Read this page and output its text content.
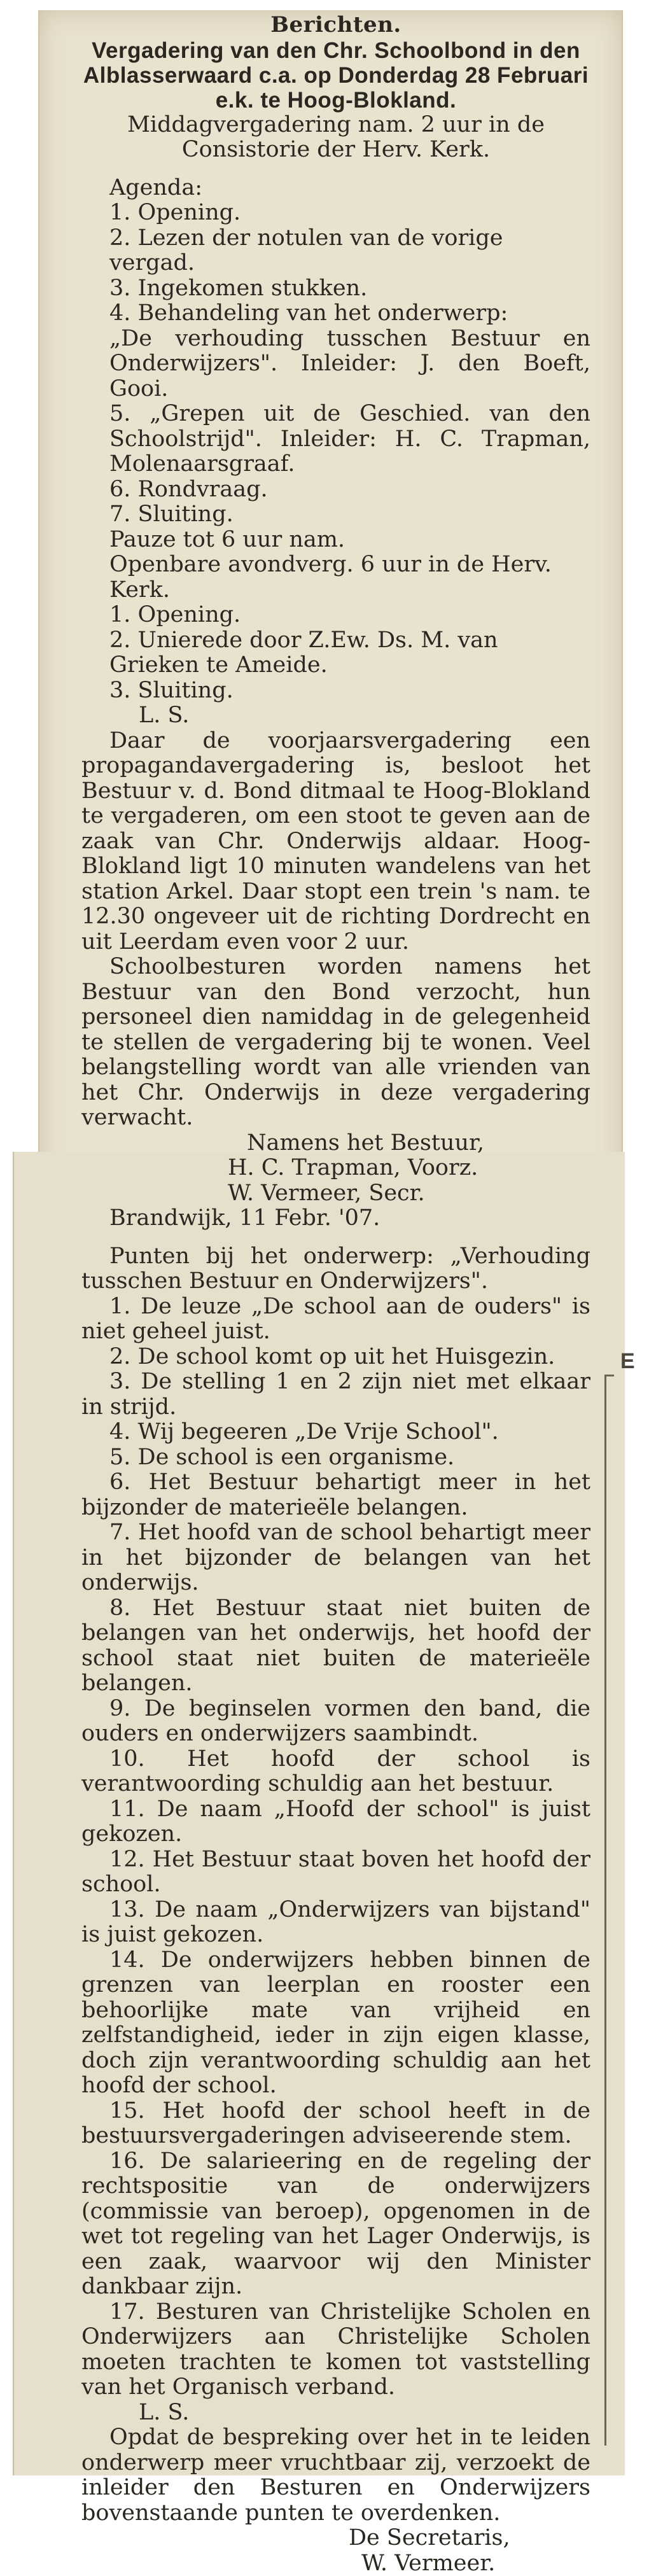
E

Berichten.

Vergadering van den Chr. Schoolbond in den Alblasserwaard c.a. op Donderdag 28 Februari e.k. te Hoog-Blokland.

Middagvergadering nam. 2 uur in de Consistorie der Herv. Kerk.

Agenda:

1. Opening.

2. Lezen der notulen van de vorige vergad.

3. Ingekomen stukken.

4. Behandeling van het onderwerp:

„De verhouding tusschen Bestuur en Onderwijzers". Inleider: J. den Boeft, Gooi.

5. „Grepen uit de Geschied. van den Schoolstrijd". Inleider: H. C. Trapman, Molenaarsgraaf.

6. Rondvraag.

7. Sluiting.

Pauze tot 6 uur nam.

Openbare avondverg. 6 uur in de Herv. Kerk.

1. Opening.

2. Unierede door Z.Ew. Ds. M. van Grieken te Ameide.

3. Sluiting.

L. S.

Daar de voorjaarsvergadering een propagandavergadering is, besloot het Bestuur v. d. Bond ditmaal te Hoog-Blokland te vergaderen, om een stoot te geven aan de zaak van Chr. Onderwijs aldaar. Hoog-Blokland ligt 10 minuten wandelens van het station Arkel. Daar stopt een trein 's nam. te 12.30 ongeveer uit de richting Dordrecht en uit Leerdam even voor 2 uur.

Schoolbesturen worden namens het Bestuur van den Bond verzocht, hun personeel dien namiddag in de gelegenheid te stellen de vergadering bij te wonen. Veel belangstelling wordt van alle vrienden van het Chr. Onderwijs in deze vergadering verwacht.

Namens het Bestuur,

H. C. Trapman, Voorz.

W. Vermeer, Secr.

Brandwijk, 11 Febr. '07.

Punten bij het onderwerp: „Verhouding tusschen Bestuur en Onderwijzers".

1. De leuze „De school aan de ouders" is niet geheel juist.

2. De school komt op uit het Huisgezin.

3. De stelling 1 en 2 zijn niet met elkaar in strijd.

4. Wij begeeren „De Vrije School".

5. De school is een organisme.

6. Het Bestuur behartigt meer in het bijzonder de materieële belangen.

7. Het hoofd van de school behartigt meer in het bijzonder de belangen van het onderwijs.

8. Het Bestuur staat niet buiten de belangen van het onderwijs, het hoofd der school staat niet buiten de materieële belangen.

9. De beginselen vormen den band, die ouders en onderwijzers saambindt.

10. Het hoofd der school is verantwoording schuldig aan het bestuur.

11. De naam „Hoofd der school" is juist gekozen.

12. Het Bestuur staat boven het hoofd der school.

13. De naam „Onderwijzers van bijstand" is juist gekozen.

14. De onderwijzers hebben binnen de grenzen van leerplan en rooster een behoorlijke mate van vrijheid en zelfstandigheid, ieder in zijn eigen klasse, doch zijn verantwoording schuldig aan het hoofd der school.

15. Het hoofd der school heeft in de bestuursvergaderingen adviseerende stem.

16. De salarieering en de regeling der rechtspositie van de onderwijzers (commissie van beroep), opgenomen in de wet tot regeling van het Lager Onderwijs, is een zaak, waarvoor wij den Minister dankbaar zijn.

17. Besturen van Christelijke Scholen en Onderwijzers aan Christelijke Scholen moeten trachten te komen tot vaststelling van het Organisch verband.

L. S.

Opdat de bespreking over het in te leiden onderwerp meer vruchtbaar zij, verzoekt de inleider den Besturen en Onderwijzers bovenstaande punten te overdenken.

De Secretaris,

W. Vermeer.
